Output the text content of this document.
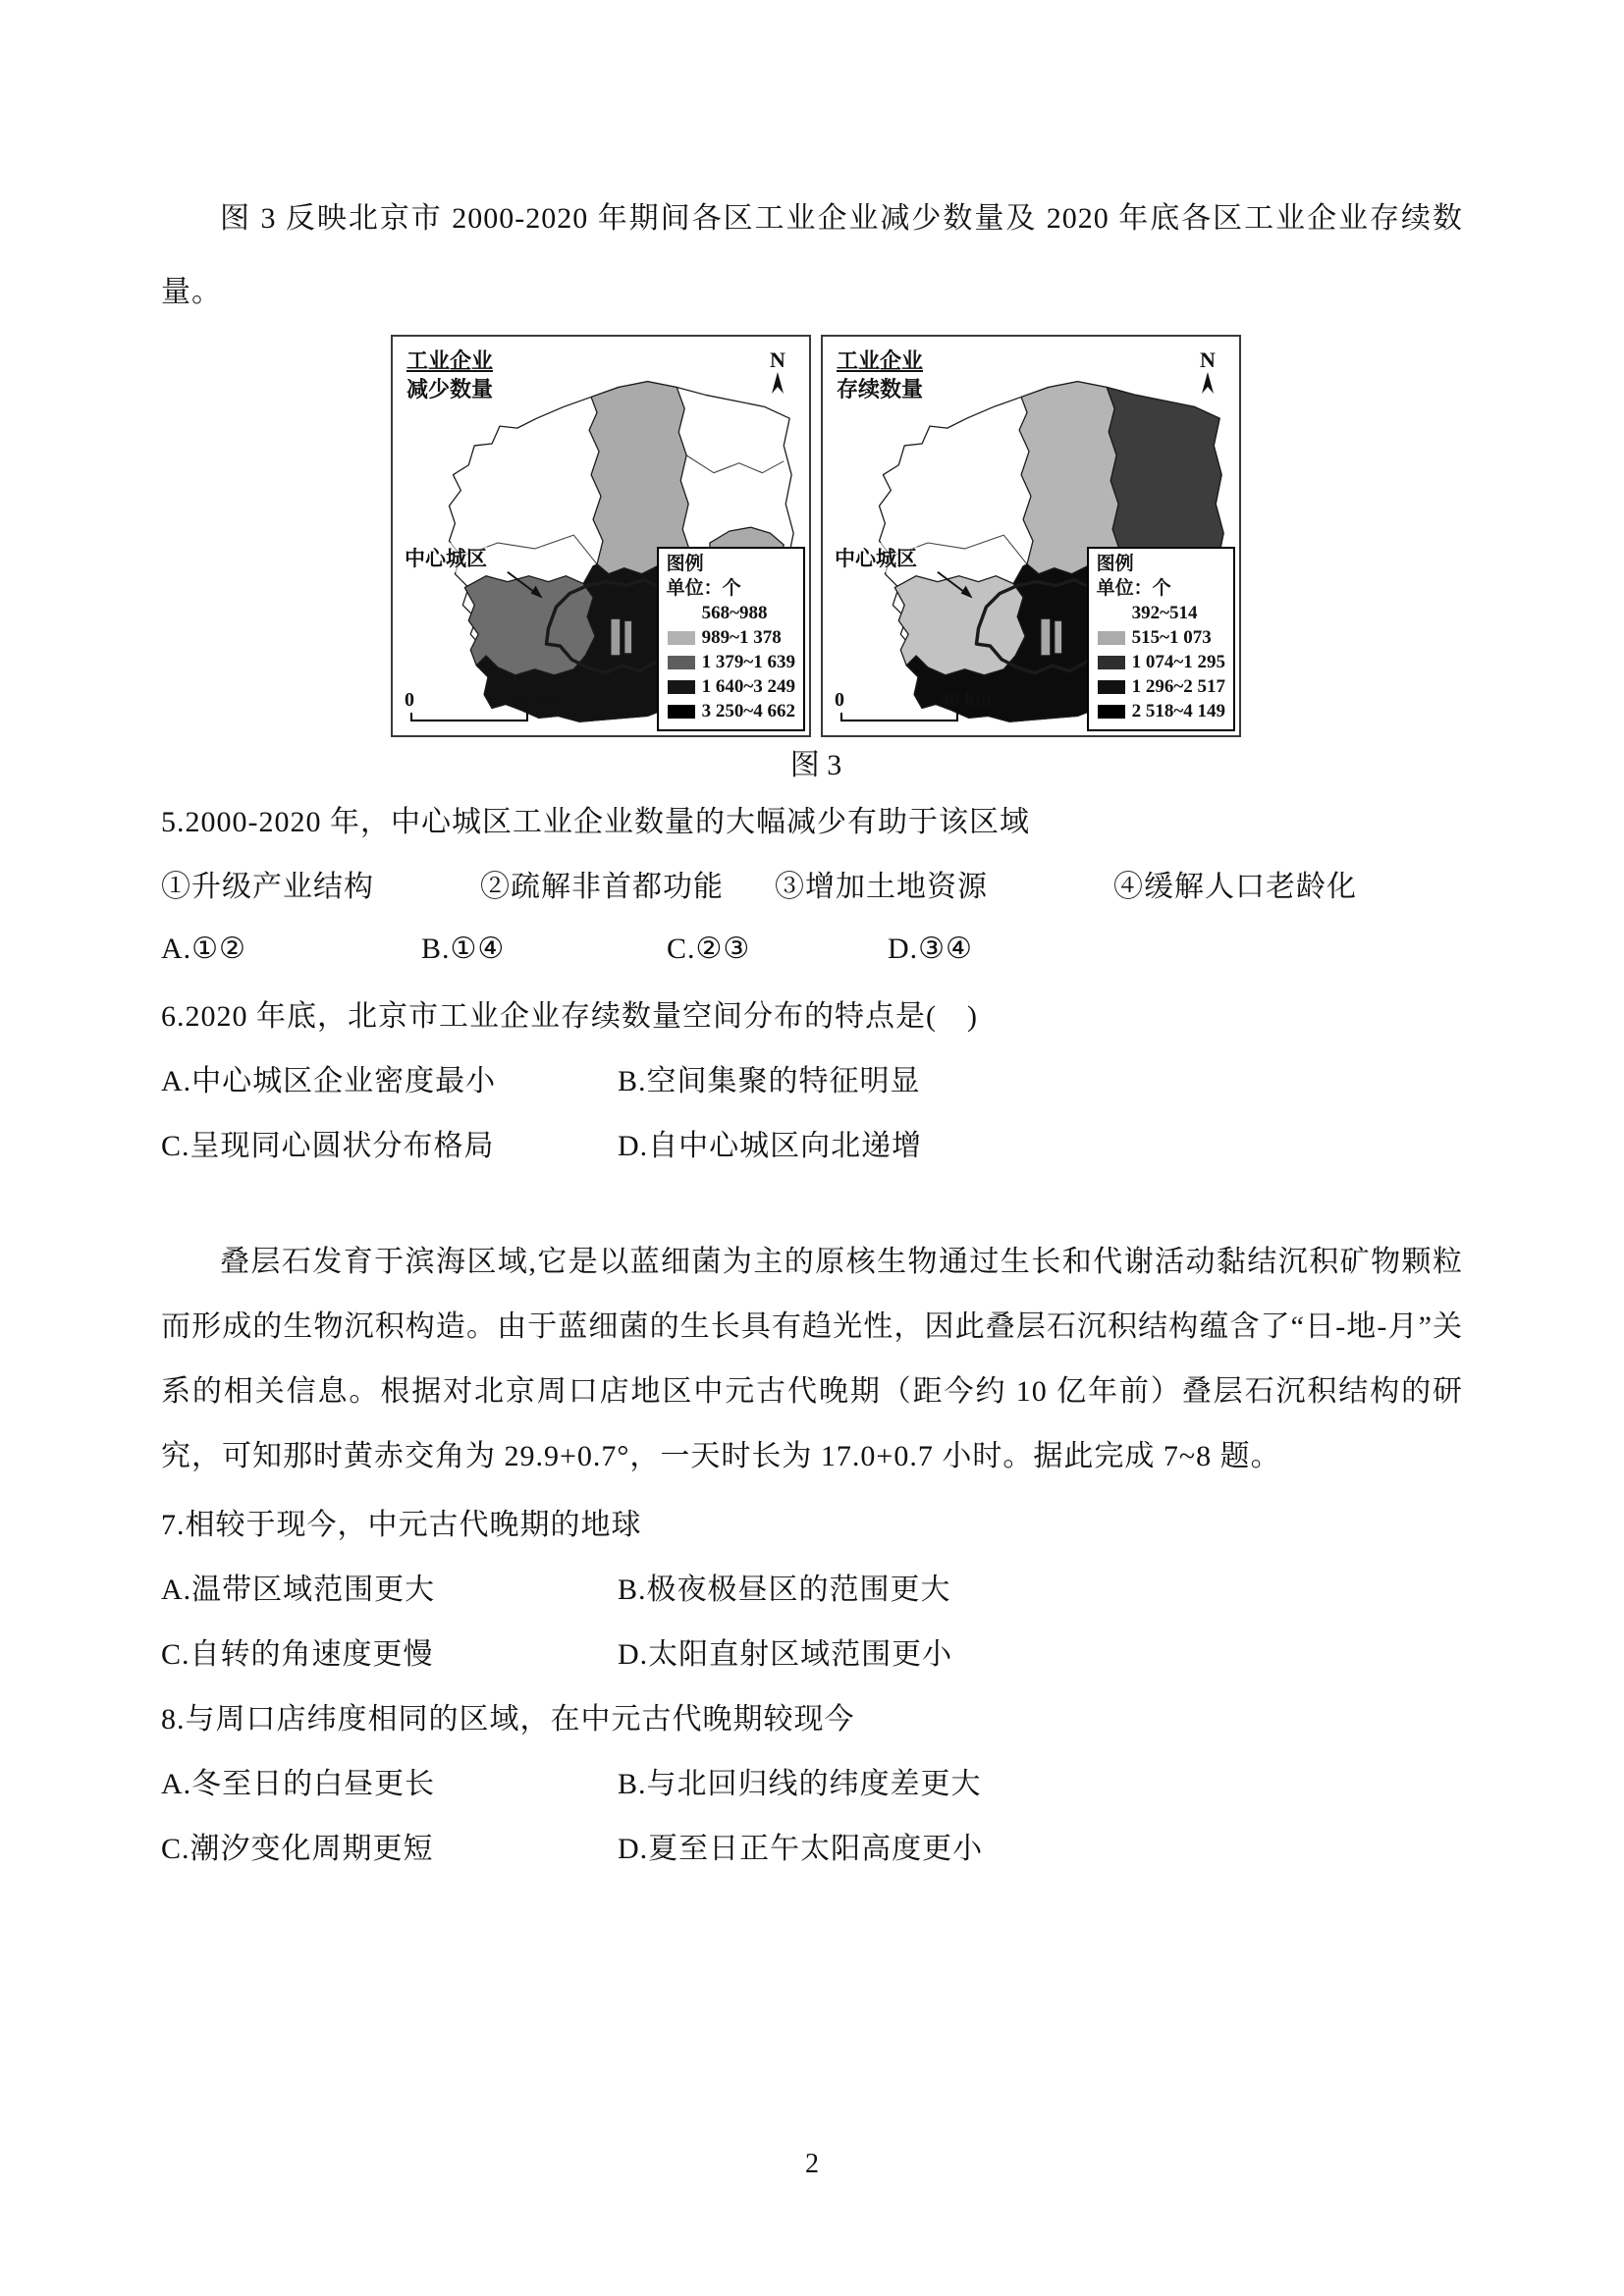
图 3 反映北京市 2000-2020 年期间各区工业企业减少数量及 2020 年底各区工业企业存续数量。
工业企业
减少数量
N
中心城区	图例
单位：个
568~988
989~1 378
1 379~1 639
1 640~3 249
3 250~4 662
0	40 km
工业企业
存续数量
N
中心城区	图例
单位：个
392~514
515~1 073
1 074~1 295
1 296~2 517
2 518~4 149
0	40 km
图 3
5.2000-2020 年，中心城区工业企业数量的大幅减少有助于该区域
①升级产业结构	②疏解非首都功能	③增加土地资源	④缓解人口老龄化
A.①②	B.①④	C.②③	D.③④
6.2020 年底，北京市工业企业存续数量空间分布的特点是(　)
A.中心城区企业密度最小	B.空间集聚的特征明显
C.呈现同心圆状分布格局	D.自中心城区向北递增
叠层石发育于滨海区域,它是以蓝细菌为主的原核生物通过生长和代谢活动黏结沉积矿物颗粒而形成的生物沉积构造。由于蓝细菌的生长具有趋光性，因此叠层石沉积结构蕴含了“日-地-月”关系的相关信息。根据对北京周口店地区中元古代晚期（距今约 10 亿年前）叠层石沉积结构的研究，可知那时黄赤交角为 29.9+0.7°，一天时长为 17.0+0.7 小时。据此完成 7~8 题。
7.相较于现今，中元古代晚期的地球
A.温带区域范围更大	B.极夜极昼区的范围更大
C.自转的角速度更慢	D.太阳直射区域范围更小
8.与周口店纬度相同的区域，在中元古代晚期较现今
A.冬至日的白昼更长	B.与北回归线的纬度差更大
C.潮汐变化周期更短	D.夏至日正午太阳高度更小
2
